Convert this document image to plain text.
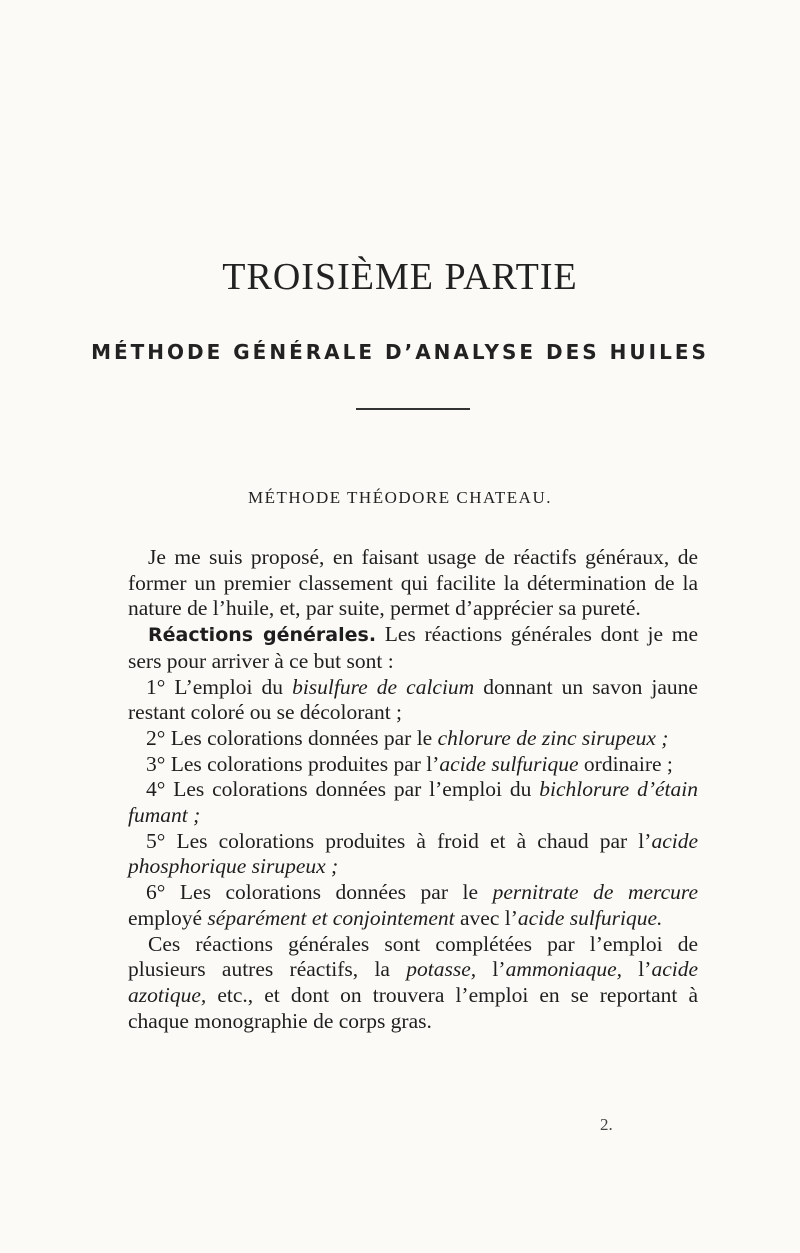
TROISIÈME PARTIE
MÉTHODE GÉNÉRALE D’ANALYSE DES HUILES
MÉTHODE THÉODORE CHATEAU.

Je me suis proposé, en faisant usage de réactifs généraux, de former un premier classement qui facilite la détermination de la nature de l’huile, et, par suite, permet d’apprécier sa pureté.

Réactions générales. Les réactions générales dont je me sers pour arriver à ce but sont :

1° L’emploi du bisulfure de calcium donnant un savon jaune restant coloré ou se décolorant ;

2° Les colorations données par le chlorure de zinc sirupeux ;

3° Les colorations produites par l’acide sulfurique ordinaire ;

4° Les colorations données par l’emploi du bichlorure d’étain fumant ;

5° Les colorations produites à froid et à chaud par l’acide phosphorique sirupeux ;

6° Les colorations données par le pernitrate de mercure employé séparément et conjointement avec l’acide sulfurique.

Ces réactions générales sont complétées par l’emploi de plusieurs autres réactifs, la potasse, l’ammoniaque, l’acide azotique, etc., et dont on trouvera l’emploi en se reportant à chaque monographie de corps gras.

2.
